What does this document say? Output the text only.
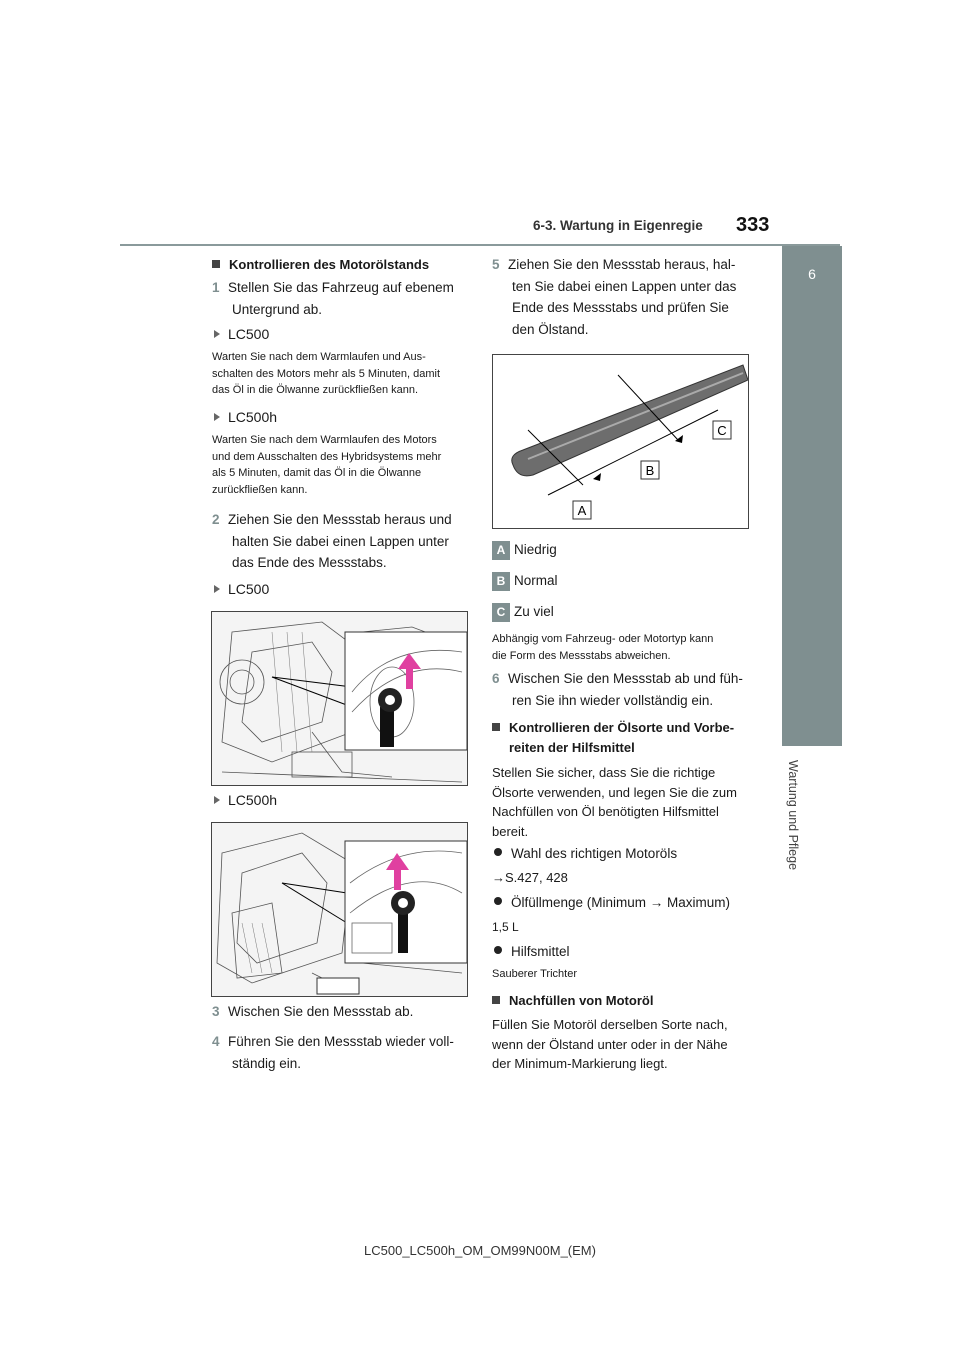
6-3. Wartung in Eigenregie 333
6
Wartung und Pflege
Kontrollieren des Motorölstands
1 Stellen Sie das Fahrzeug auf ebenem
Untergrund ab.
LC500
Warten Sie nach dem Warmlaufen und Aus-
schalten des Motors mehr als 5 Minuten, damit
das Öl in die Ölwanne zurückfließen kann.
LC500h
Warten Sie nach dem Warmlaufen des Motors
und dem Ausschalten des Hybridsystems mehr
als 5 Minuten, damit das Öl in die Ölwanne
zurückfließen kann.
2 Ziehen Sie den Messstab heraus und
halten Sie dabei einen Lappen unter
das Ende des Messstabs.
LC500
LC500h
3 Wischen Sie den Messstab ab.
4 Führen Sie den Messstab wieder voll-
ständig ein.
5 Ziehen Sie den Messstab heraus, hal-
ten Sie dabei einen Lappen unter das
Ende des Messstabs und prüfen Sie
den Ölstand.
A
B
C
A Niedrig
B Normal
C Zu viel
Abhängig vom Fahrzeug- oder Motortyp kann
die Form des Messstabs abweichen.
6 Wischen Sie den Messstab ab und füh-
ren Sie ihn wieder vollständig ein.
Kontrollieren der Ölsorte und Vorbe-
reiten der Hilfsmittel
Stellen Sie sicher, dass Sie die richtige
Ölsorte verwenden, und legen Sie die zum
Nachfüllen von Öl benötigten Hilfsmittel
bereit.
Wahl des richtigen Motoröls
→S.427, 428
Ölfüllmenge (Minimum → Maximum)
1,5 L
Hilfsmittel
Sauberer Trichter
Nachfüllen von Motoröl
Füllen Sie Motoröl derselben Sorte nach,
wenn der Ölstand unter oder in der Nähe
der Minimum-Markierung liegt.
LC500_LC500h_OM_OM99N00M_(EM)
